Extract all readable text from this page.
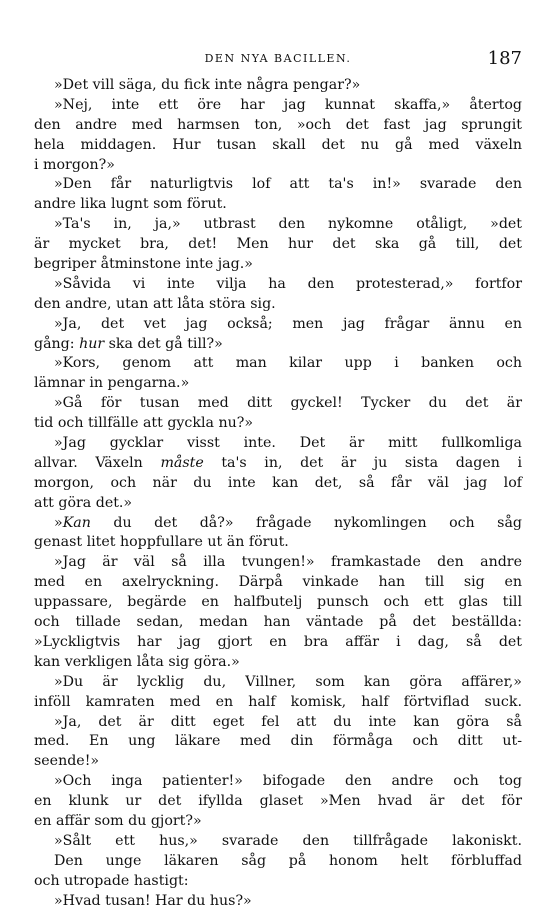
DEN NYA BACILLEN.	187
»Det vill säga, du fick inte några pengar?»
»Nej, inte ett öre har jag kunnat skaffa,» återtog
den andre med harmsen ton, »och det fast jag sprungit
hela middagen. Hur tusan skall det nu gå med växeln
i morgon?»
»Den får naturligtvis lof att ta's in!» svarade den
andre lika lugnt som förut.
»Ta's in, ja,» utbrast den nykomne otåligt, »det
är mycket bra, det! Men hur det ska gå till, det
begriper åtminstone inte jag.»
»Såvida vi inte vilja ha den protesterad,» fortfor
den andre, utan att låta störa sig.
»Ja, det vet jag också; men jag frågar ännu en
gång: hur ska det gå till?»
»Kors, genom att man kilar upp i banken och
lämnar in pengarna.»
»Gå för tusan med ditt gyckel! Tycker du det är
tid och tillfälle att gyckla nu?»
»Jag gycklar visst inte. Det är mitt fullkomliga
allvar. Växeln måste ta's in, det är ju sista dagen i
morgon, och när du inte kan det, så får väl jag lof
att göra det.»
»Kan du det då?» frågade nykomlingen och såg
genast litet hoppfullare ut än förut.
»Jag är väl så illa tvungen!» framkastade den andre
med en axelryckning. Därpå vinkade han till sig en
uppassare, begärde en halfbutelj punsch och ett glas till
och tillade sedan, medan han väntade på det beställda:
»Lyckligtvis har jag gjort en bra affär i dag, så det
kan verkligen låta sig göra.»
»Du är lycklig du, Villner, som kan göra affärer,»
inföll kamraten med en half komisk, half förtviflad suck.
»Ja, det är ditt eget fel att du inte kan göra så
med. En ung läkare med din förmåga och ditt ut-
seende!»
»Och inga patienter!» bifogade den andre och tog
en klunk ur det ifyllda glaset »Men hvad är det för
en affär som du gjort?»
»Sålt ett hus,» svarade den tillfrågade lakoniskt.
Den unge läkaren såg på honom helt förbluffad
och utropade hastigt:
»Hvad tusan! Har du hus?»
